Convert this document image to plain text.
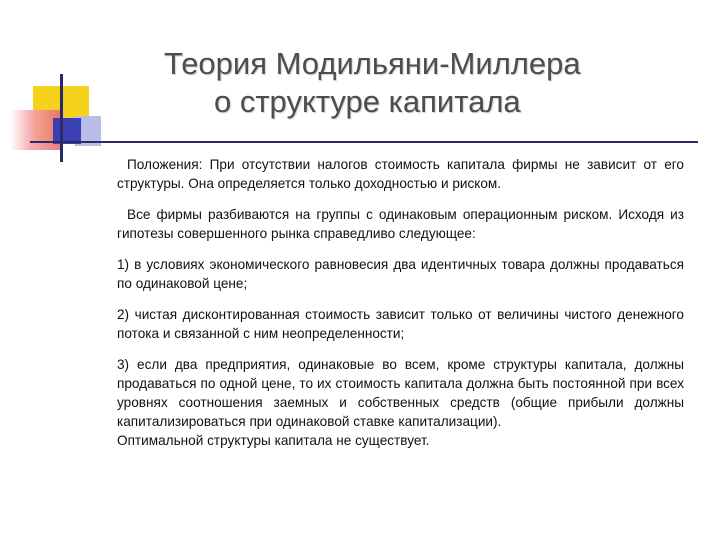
Теория Модильяни-Миллера
о структуре капитала

Положения: При отсутствии налогов стоимость капитала фирмы не зависит от его структуры. Она определяется только доходностью и риском.

Все фирмы разбиваются на группы с одинаковым операционным риском. Исходя из гипотезы совершенного рынка справедливо следующее:

1) в условиях экономического равновесия два идентичных товара должны продаваться по одинаковой цене;

2) чистая дисконтированная стоимость зависит только от величины чистого денежного потока и связанной с ним неопределенности;

3) если два предприятия, одинаковые во всем, кроме структуры капитала, должны продаваться по одной цене, то их стоимость капитала должна быть постоянной при всех уровнях соотношения заемных и собственных средств (общие прибыли должны капитализироваться при одинаковой ставке капитализации).

Оптимальной структуры капитала не существует.
